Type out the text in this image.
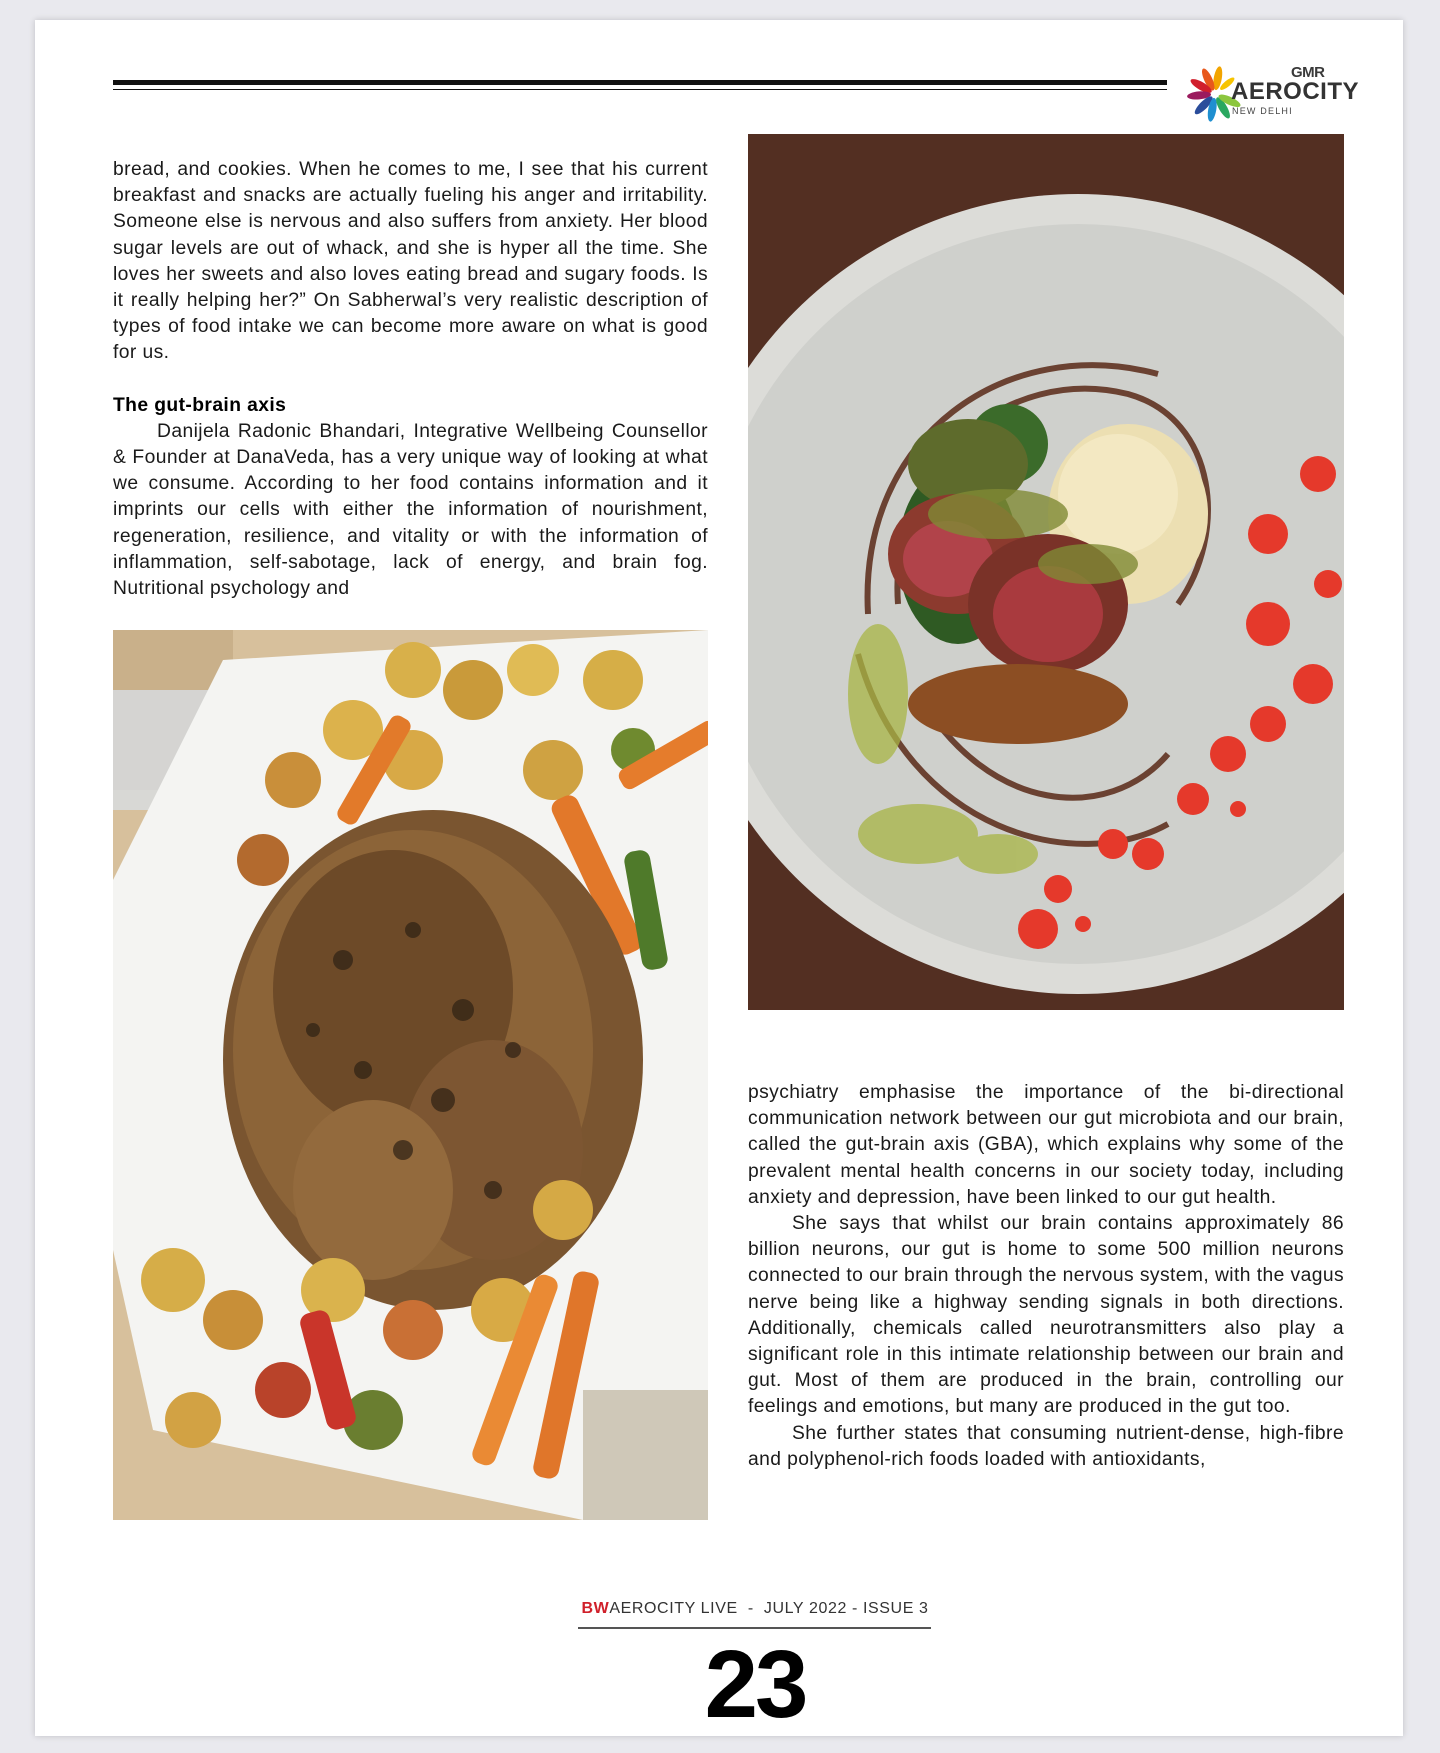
GMR
AEROCITY
NEW DELHI

bread, and cookies. When he comes to me, I see that his current breakfast and snacks are actually fueling his anger and irritability. Someone else is nervous and also suffers from anxiety. Her blood sugar levels are out of whack, and she is hyper all the time. She loves her sweets and also loves eating bread and sugary foods. Is it really helping her?” On Sabherwal’s very realistic description of types of food intake we can become more aware on what is good for us.

The gut-brain axis

Danijela Radonic Bhandari, Integrative Wellbeing Counsellor & Founder at DanaVeda, has a very unique way of looking at what we consume. According to her food contains information and it imprints our cells with either the information of nourishment, regeneration, resilience, and vitality or with the information of inflammation, self-sabotage, lack of energy, and brain fog. Nutritional psychology and

psychiatry emphasise the importance of the bi-directional communication network between our gut microbiota and our brain, called the gut-brain axis (GBA), which explains why some of the prevalent mental health concerns in our society today, including anxiety and depression, have been linked to our gut health.

She says that whilst our brain contains approximately 86 billion neurons, our gut is home to some 500 million neurons connected to our brain through the nervous system, with the vagus nerve being like a highway sending signals in both directions. Additionally, chemicals called neurotransmitters also play a significant role in this intimate relationship between our brain and gut. Most of them are produced in the brain, controlling our feelings and emotions, but many are produced in the gut too.

She further states that consuming nutrient-dense, high-fibre and polyphenol-rich foods loaded with antioxidants,

BWAEROCITY LIVE  -  JULY 2022 - ISSUE 3
23
